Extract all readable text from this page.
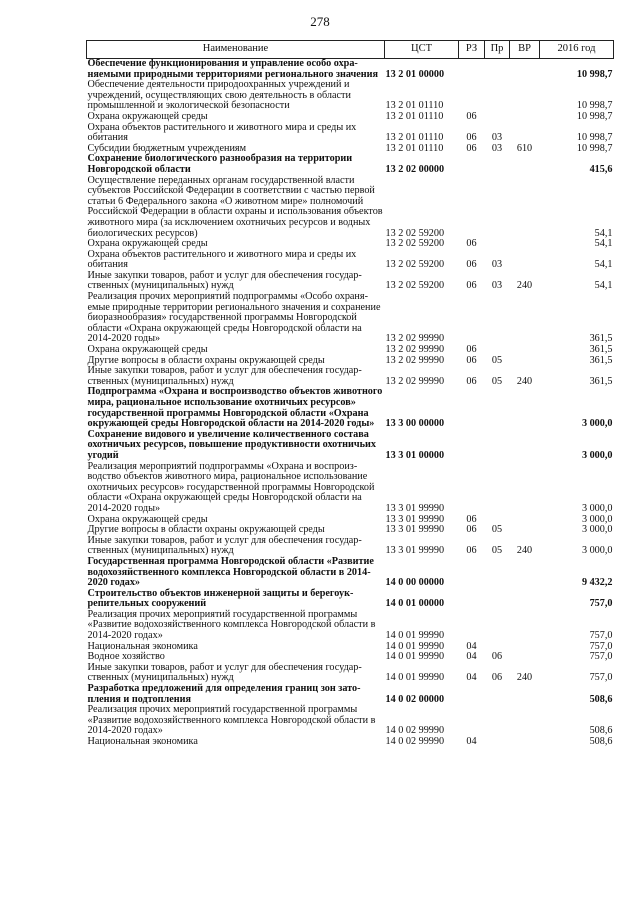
278
Наименование	ЦСТ	РЗ	Пр	ВР	2016 год
Обеспечение функционирования и управление особо охраняемыми природными территориями регионального значения	13 2 01 00000				10 998,7
Обеспечение деятельности природоохранных учреждений и учреждений, осуществляющих свою деятельность в области промышленной и экологической безопасности	13 2 01 01110				10 998,7
Охрана окружающей среды	13 2 01 01110	06			10 998,7
Охрана объектов растительного и животного мира и среды их обитания	13 2 01 01110	06	03		10 998,7
Субсидии бюджетным учреждениям	13 2 01 01110	06	03	610	10 998,7
Сохранение биологического разнообразия на территории Новгородской области	13 2 02 00000				415,6
Осуществление переданных органам государственной власти субъектов Российской Федерации в соответствии с частью первой статьи 6 Федерального закона «О животном мире» полномочий Российской Федерации в области охраны и использования объектов животного мира (за исключением охотничьих ресурсов и водных биологических ресурсов)	13 2 02 59200				54,1
Охрана окружающей среды	13 2 02 59200	06			54,1
Охрана объектов растительного и животного мира и среды их обитания	13 2 02 59200	06	03		54,1
Иные закупки товаров, работ и услуг для обеспечения государственных (муниципальных) нужд	13 2 02 59200	06	03	240	54,1
Реализация прочих мероприятий подпрограммы «Особо охраняемые природные территории регионального значения и сохранение биоразнообразия» государственной программы Новгородской области «Охрана окружающей среды Новгородской области на 2014-2020 годы»	13 2 02 99990				361,5
Охрана окружающей среды	13 2 02 99990	06			361,5
Другие вопросы в области охраны окружающей среды	13 2 02 99990	06	05		361,5
Иные закупки товаров, работ и услуг для обеспечения государственных (муниципальных) нужд	13 2 02 99990	06	05	240	361,5
Подпрограмма «Охрана и воспроизводство объектов животного мира, рациональное использование охотничьих ресурсов» государственной программы Новгородской области «Охрана окружающей среды Новгородской области на 2014-2020 годы»	13 3 00 00000				3 000,0
Сохранение видового и увеличение количественного состава охотничьих ресурсов, повышение продуктивности охотничьих угодий	13 3 01 00000				3 000,0
Реализация мероприятий подпрограммы «Охрана и воспроизводство объектов животного мира, рациональное использование охотничьих ресурсов» государственной программы Новгородской области «Охрана окружающей среды Новгородской области на 2014-2020 годы»	13 3 01 99990				3 000,0
Охрана окружающей среды	13 3 01 99990	06			3 000,0
Другие вопросы в области охраны окружающей среды	13 3 01 99990	06	05		3 000,0
Иные закупки товаров, работ и услуг для обеспечения государственных (муниципальных) нужд	13 3 01 99990	06	05	240	3 000,0
Государственная программа Новгородской области «Развитие водохозяйственного комплекса Новгородской области в 2014-2020 годах»	14 0 00 00000				9 432,2
Строительство объектов инженерной защиты и берегоукрепительных сооружений	14 0 01 00000				757,0
Реализация прочих мероприятий государственной программы «Развитие водохозяйственного комплекса Новгородской области в 2014-2020 годах»	14 0 01 99990				757,0
Национальная экономика	14 0 01 99990	04			757,0
Водное хозяйство	14 0 01 99990	04	06		757,0
Иные закупки товаров, работ и услуг для обеспечения государственных (муниципальных) нужд	14 0 01 99990	04	06	240	757,0
Разработка предложений для определения границ зон затопления и подтопления	14 0 02 00000				508,6
Реализация прочих мероприятий государственной программы «Развитие водохозяйственного комплекса Новгородской области в 2014-2020 годах»	14 0 02 99990				508,6
Национальная экономика	14 0 02 99990	04			508,6
